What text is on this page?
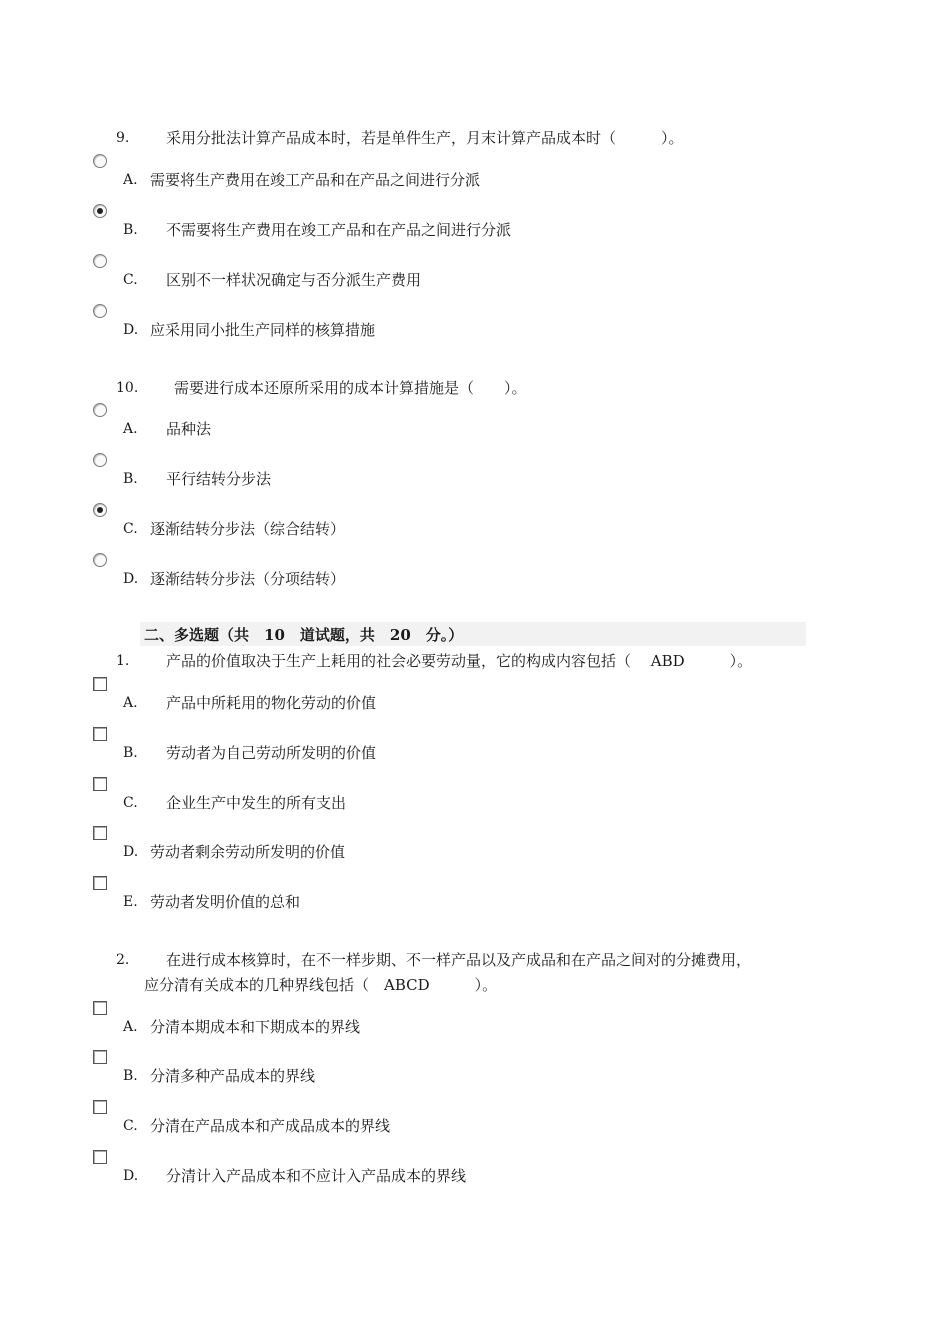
9. 采用分批法计算产品成本时，若是单件生产，月末计算产品成本时（　　　）。
A. 需要将生产费用在竣工产品和在产品之间进行分派
B. 不需要将生产费用在竣工产品和在产品之间进行分派
C. 区别不一样状况确定与否分派生产费用
D. 应采用同小批生产同样的核算措施
10. 需要进行成本还原所采用的成本计算措施是（　　）。
A. 品种法
B. 平行结转分步法
C. 逐渐结转分步法（综合结转）
D. 逐渐结转分步法（分项结转）
二、多选题（共　10　道试题，共　20　分。）
1. 产品的价值取决于生产上耗用的社会必要劳动量，它的构成内容包括（　 ABD　　　）。
A. 产品中所耗用的物化劳动的价值
B. 劳动者为自己劳动所发明的价值
C. 企业生产中发生的所有支出
D. 劳动者剩余劳动所发明的价值
E. 劳动者发明价值的总和
2. 在进行成本核算时，在不一样步期、不一样产品以及产成品和在产品之间对的分摊费用，
应分清有关成本的几种界线包括（　ABCD　　　）。
A. 分清本期成本和下期成本的界线
B. 分清多种产品成本的界线
C. 分清在产品成本和产成品成本的界线
D. 分清计入产品成本和不应计入产品成本的界线
